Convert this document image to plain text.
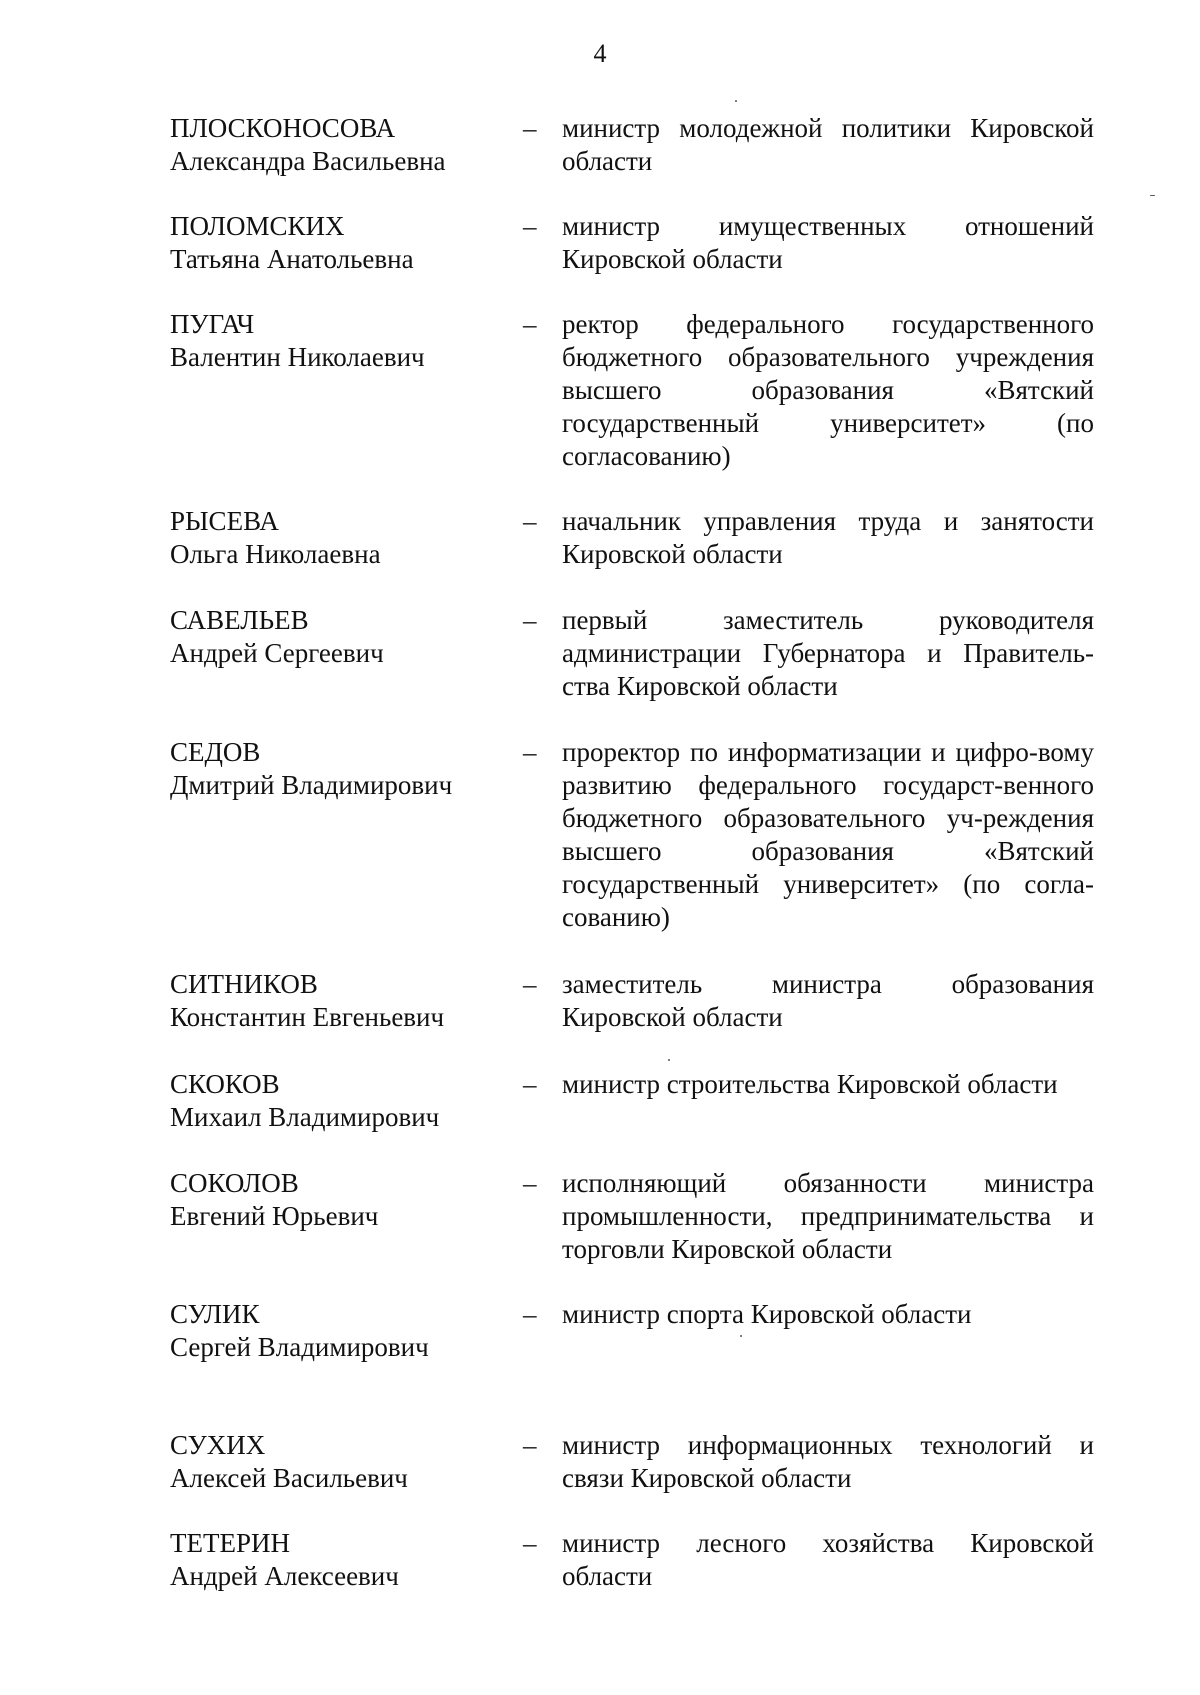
4
ПЛОСКОНОСОВА
Александра Васильевна
– министр молодежной политики Кировской области
ПОЛОМСКИХ
Татьяна Анатольевна
– министр имущественных отношений Кировской области
ПУГАЧ
Валентин Николаевич
– ректор федерального государственного бюджетного образовательного учреждения высшего образования «Вятский государственный университет» (по согласованию)
РЫСЕВА
Ольга Николаевна
– начальник управления труда и занятости Кировской области
САВЕЛЬЕВ
Андрей Сергеевич
– первый заместитель руководителя администрации Губернатора и Правитель-ства Кировской области
СЕДОВ
Дмитрий Владимирович
– проректор по информатизации и цифро-вому развитию федерального государст-венного бюджетного образовательного уч-реждения высшего образования «Вятский государственный университет» (по согла-сованию)
СИТНИКОВ
Константин Евгеньевич
– заместитель министра образования Кировской области
СКОКОВ
Михаил Владимирович
– министр строительства Кировской области
СОКОЛОВ
Евгений Юрьевич
– исполняющий обязанности министра промышленности, предпринимательства и торговли Кировской области
СУЛИК
Сергей Владимирович
– министр спорта Кировской области
СУХИХ
Алексей Васильевич
– министр информационных технологий и связи Кировской области
ТЕТЕРИН
Андрей Алексеевич
– министр лесного хозяйства Кировской области
